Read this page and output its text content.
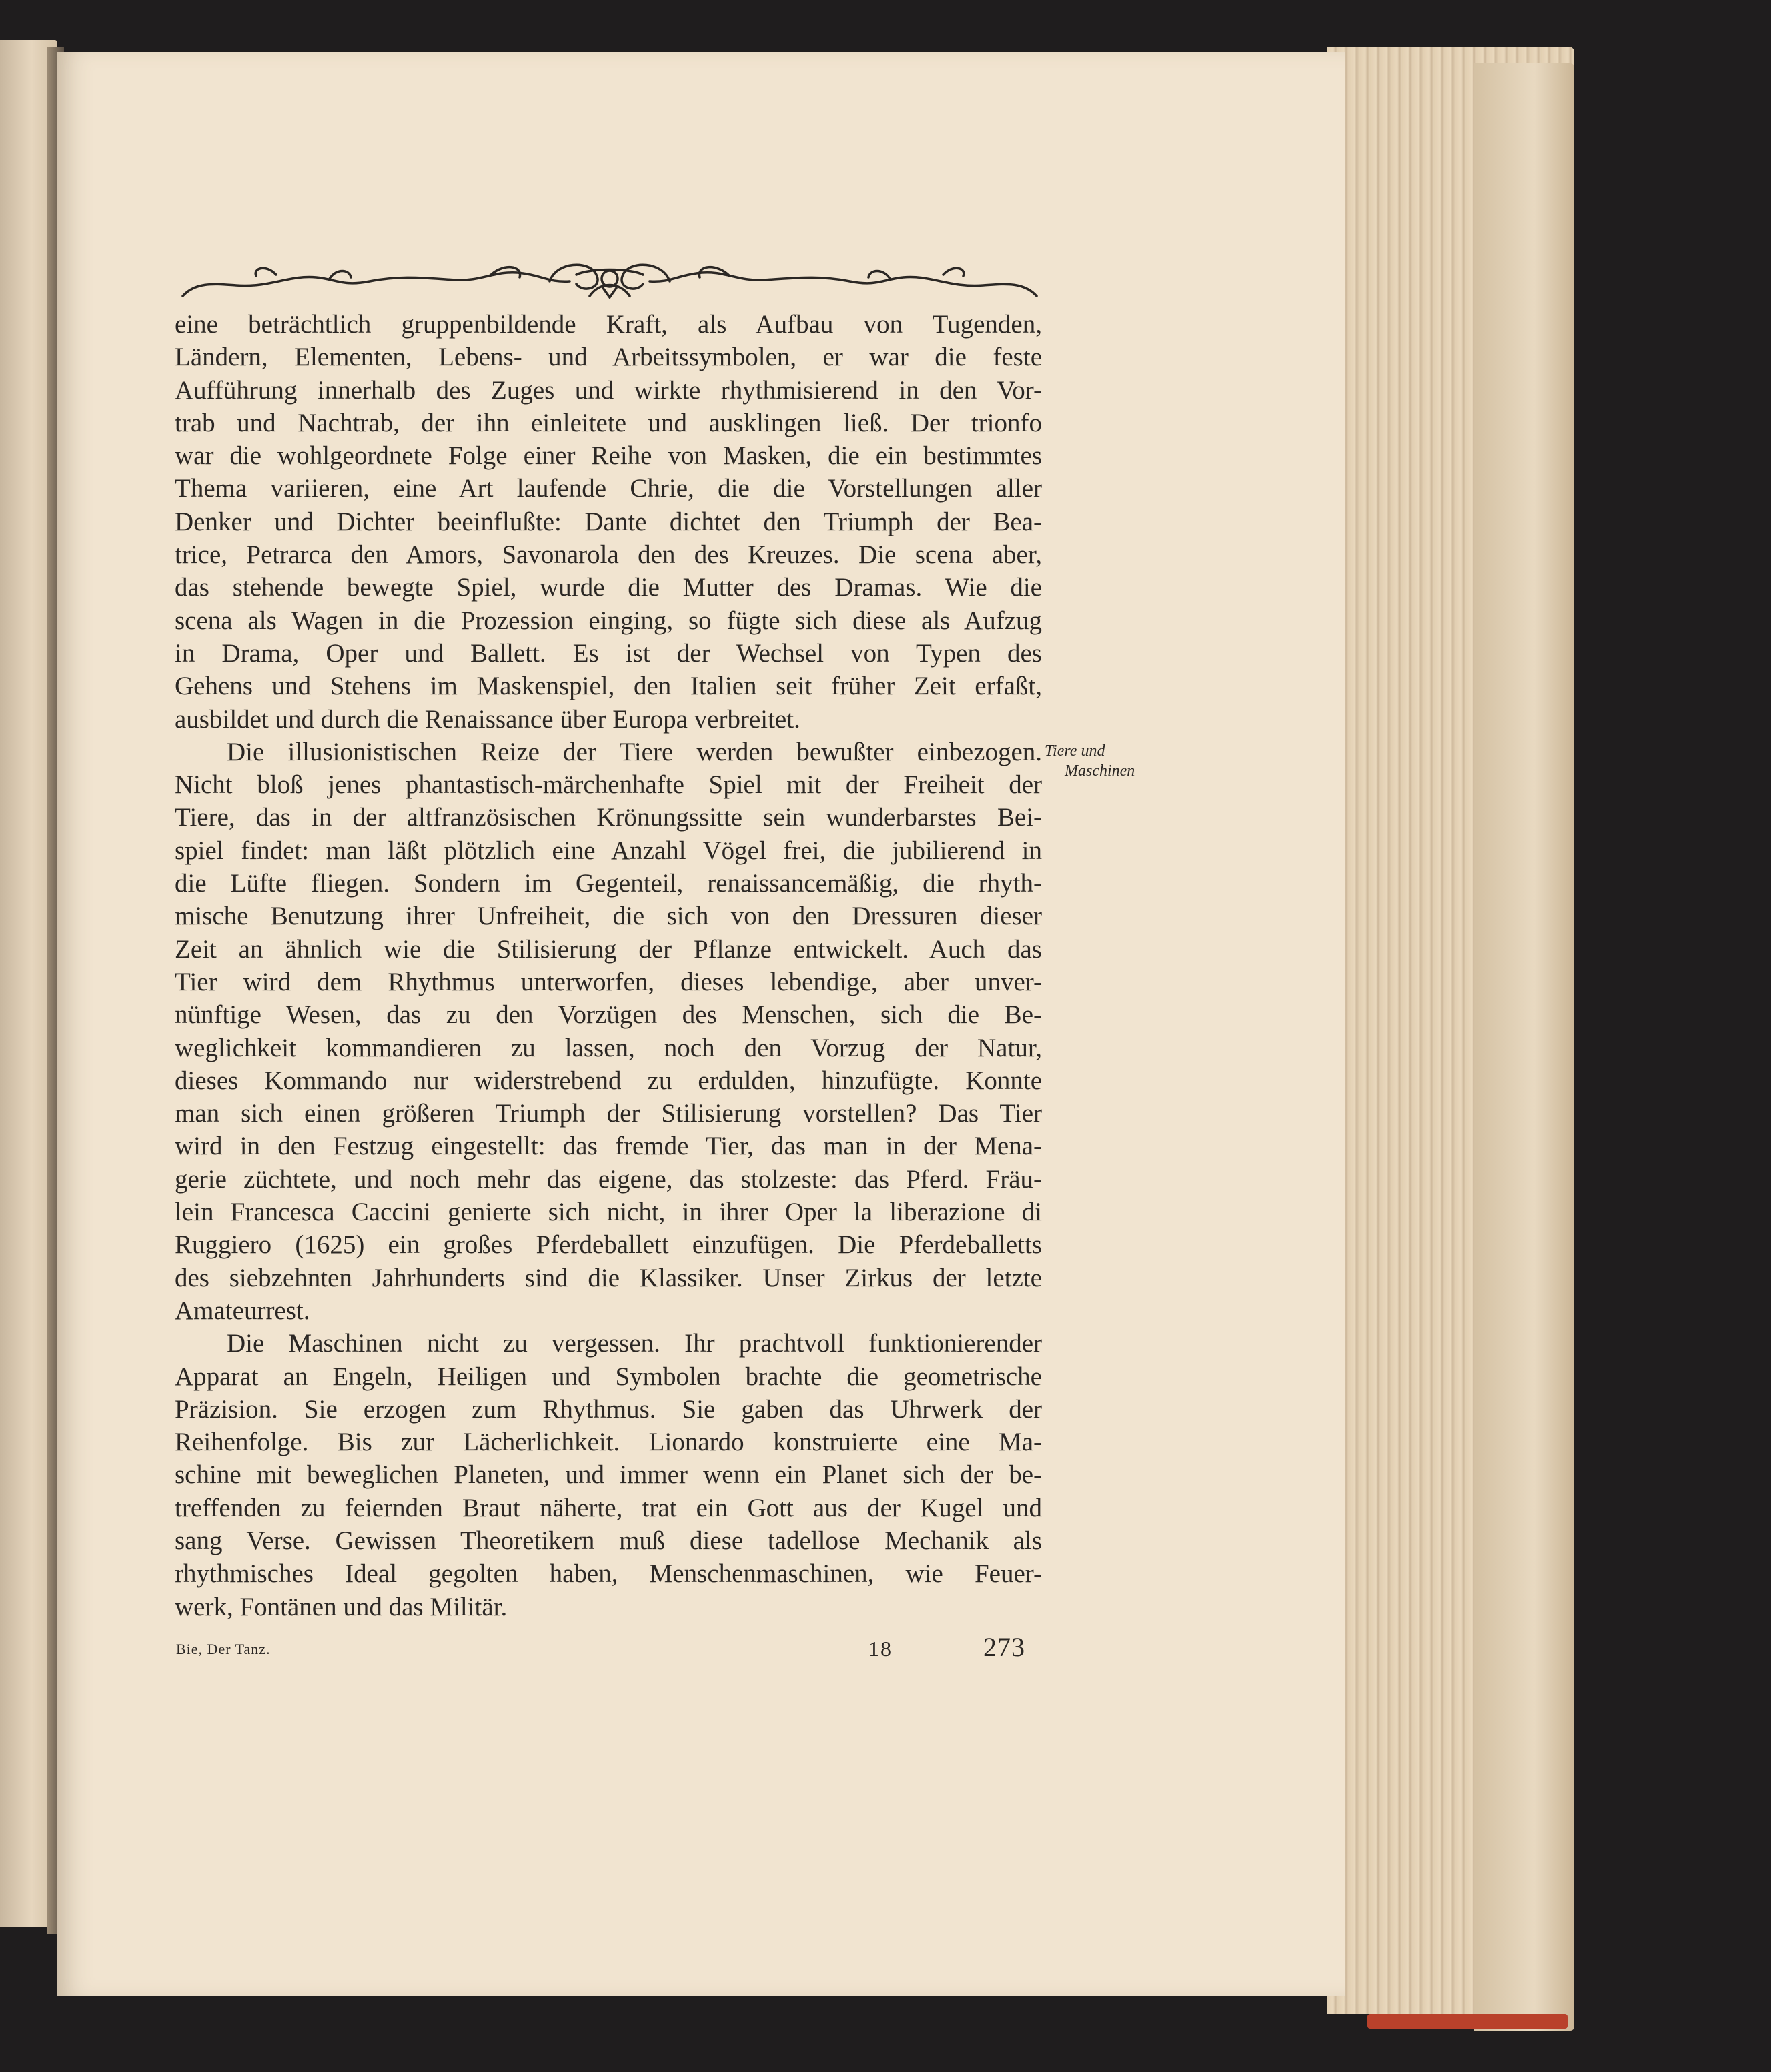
eine beträchtlich gruppenbildende Kraft, als Aufbau von Tugenden,

Ländern, Elementen, Lebens- und Arbeitssymbolen, er war die feste

Aufführung innerhalb des Zuges und wirkte rhythmisierend in den Vor-

trab und Nachtrab, der ihn einleitete und ausklingen ließ. Der trionfo

war die wohlgeordnete Folge einer Reihe von Masken, die ein bestimmtes

Thema variieren, eine Art laufende Chrie, die die Vorstellungen aller

Denker und Dichter beeinflußte: Dante dichtet den Triumph der Bea-

trice, Petrarca den Amors, Savonarola den des Kreuzes. Die scena aber,

das stehende bewegte Spiel, wurde die Mutter des Dramas. Wie die

scena als Wagen in die Prozession einging, so fügte sich diese als Aufzug

in Drama, Oper und Ballett. Es ist der Wechsel von Typen des

Gehens und Stehens im Maskenspiel, den Italien seit früher Zeit erfaßt,

ausbildet und durch die Renaissance über Europa verbreitet.

Die illusionistischen Reize der Tiere werden bewußter einbezogen.

Nicht bloß jenes phantastisch-märchenhafte Spiel mit der Freiheit der

Tiere, das in der altfranzösischen Krönungssitte sein wunderbarstes Bei-

spiel findet: man läßt plötzlich eine Anzahl Vögel frei, die jubilierend in

die Lüfte fliegen. Sondern im Gegenteil, renaissancemäßig, die rhyth-

mische Benutzung ihrer Unfreiheit, die sich von den Dressuren dieser

Zeit an ähnlich wie die Stilisierung der Pflanze entwickelt. Auch das

Tier wird dem Rhythmus unterworfen, dieses lebendige, aber unver-

nünftige Wesen, das zu den Vorzügen des Menschen, sich die Be-

weglichkeit kommandieren zu lassen, noch den Vorzug der Natur,

dieses Kommando nur widerstrebend zu erdulden, hinzufügte. Konnte

man sich einen größeren Triumph der Stilisierung vorstellen? Das Tier

wird in den Festzug eingestellt: das fremde Tier, das man in der Mena-

gerie züchtete, und noch mehr das eigene, das stolzeste: das Pferd. Fräu-

lein Francesca Caccini genierte sich nicht, in ihrer Oper la liberazione di

Ruggiero (1625) ein großes Pferdeballett einzufügen. Die Pferdeballetts

des siebzehnten Jahrhunderts sind die Klassiker. Unser Zirkus der letzte

Amateurrest.

Die Maschinen nicht zu vergessen. Ihr prachtvoll funktionierender

Apparat an Engeln, Heiligen und Symbolen brachte die geometrische

Präzision. Sie erzogen zum Rhythmus. Sie gaben das Uhrwerk der

Reihenfolge. Bis zur Lächerlichkeit. Lionardo konstruierte eine Ma-

schine mit beweglichen Planeten, und immer wenn ein Planet sich der be-

treffenden zu feiernden Braut näherte, trat ein Gott aus der Kugel und

sang Verse. Gewissen Theoretikern muß diese tadellose Mechanik als

rhythmisches Ideal gegolten haben, Menschenmaschinen, wie Feuer-

werk, Fontänen und das Militär.

Tiere und
Maschinen
Bie, Der Tanz.	18	273
